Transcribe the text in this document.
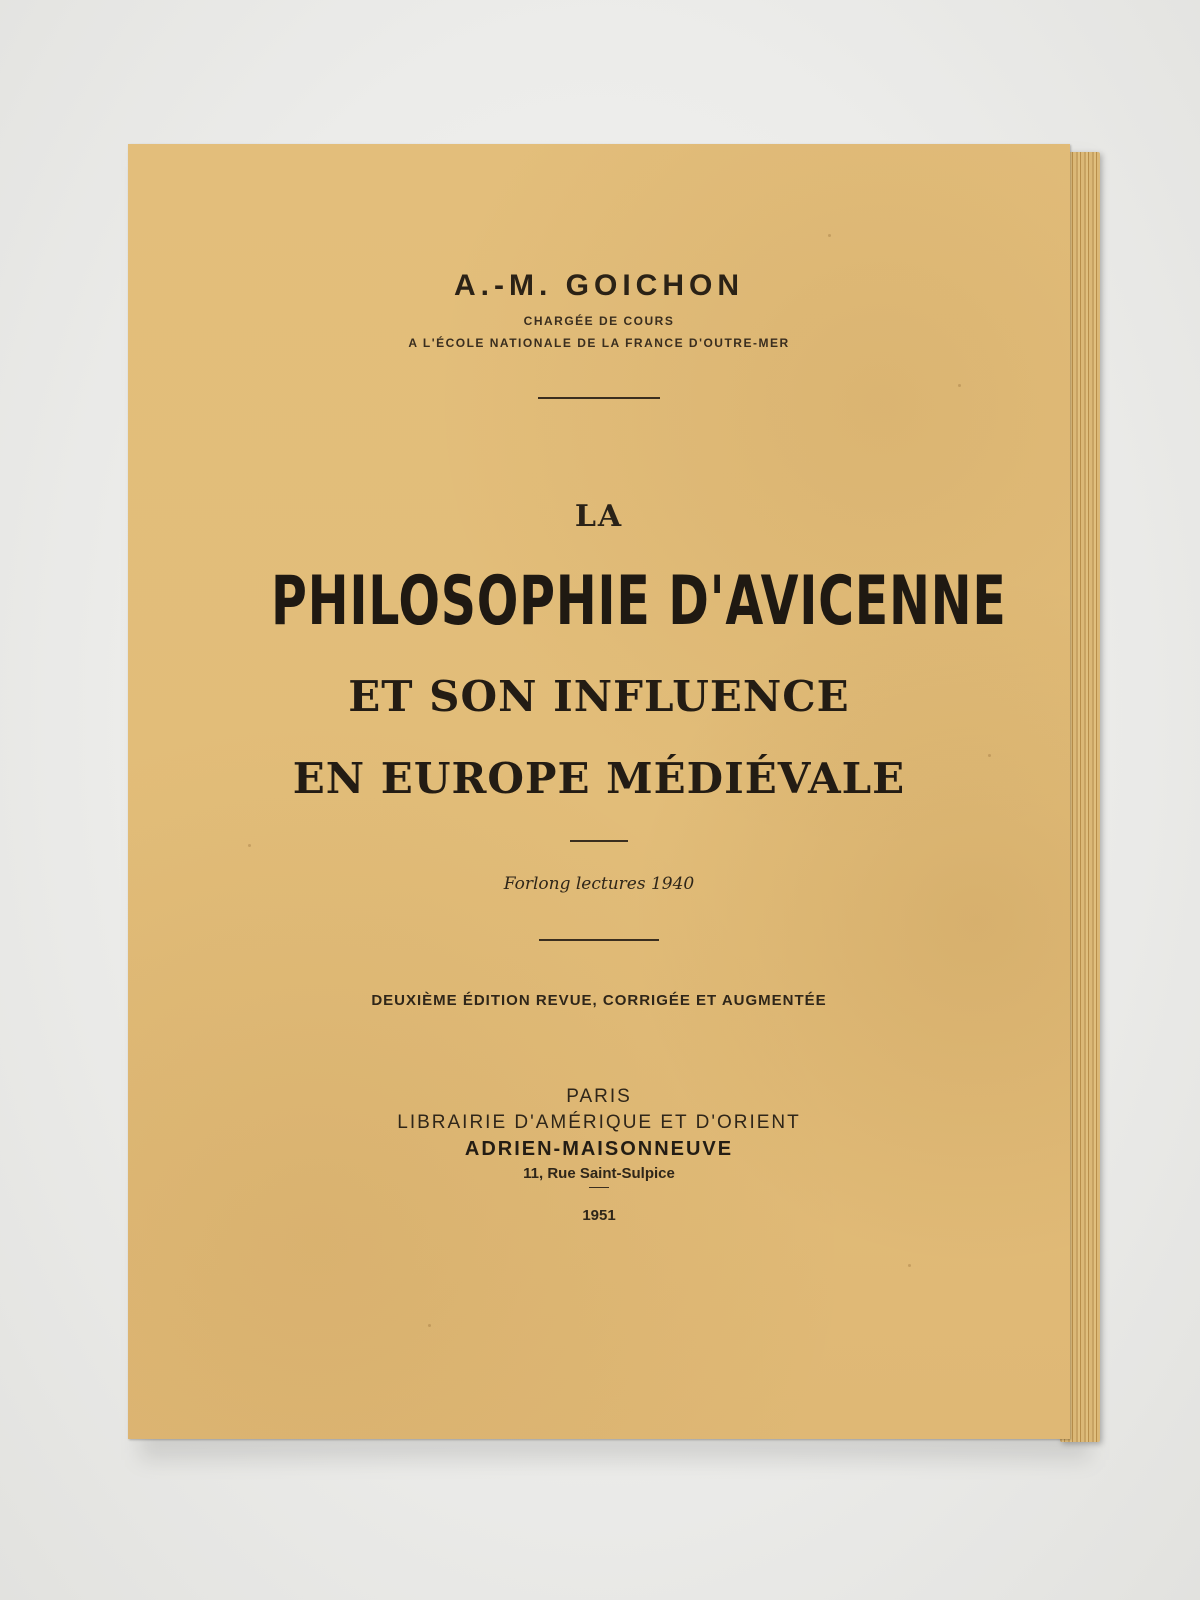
A.-M. GOICHON
CHARGÉE DE COURS
A L'ÉCOLE NATIONALE DE LA FRANCE D'OUTRE-MER
LA
PHILOSOPHIE D'AVICENNE
ET SON INFLUENCE
EN EUROPE MÉDIÉVALE
Forlong lectures 1940
DEUXIÈME ÉDITION REVUE, CORRIGÉE ET AUGMENTÉE
PARIS
LIBRAIRIE D'AMÉRIQUE ET D'ORIENT
ADRIEN-MAISONNEUVE
11, Rue Saint-Sulpice
1951
